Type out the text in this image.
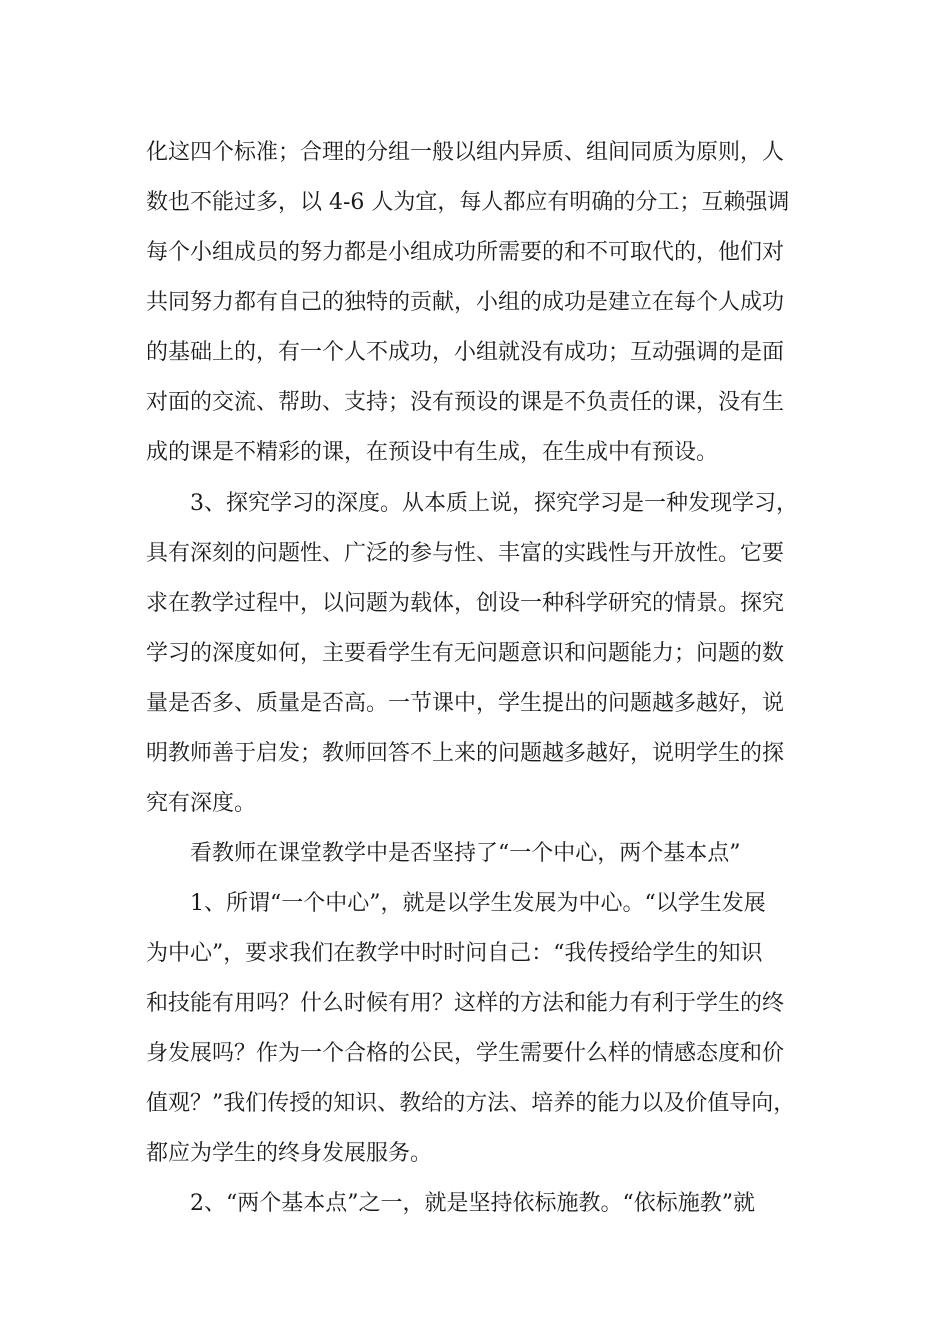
化这四个标准；合理的分组一般以组内异质、组间同质为原则，人
数也不能过多，以 4-6 人为宜，每人都应有明确的分工；互赖强调
每个小组成员的努力都是小组成功所需要的和不可取代的，他们对
共同努力都有自己的独特的贡献，小组的成功是建立在每个人成功
的基础上的，有一个人不成功，小组就没有成功；互动强调的是面
对面的交流、帮助、支持；没有预设的课是不负责任的课，没有生
成的课是不精彩的课，在预设中有生成，在生成中有预设。
3、探究学习的深度。从本质上说，探究学习是一种发现学习，
具有深刻的问题性、广泛的参与性、丰富的实践性与开放性。它要
求在教学过程中，以问题为载体，创设一种科学研究的情景。探究
学习的深度如何，主要看学生有无问题意识和问题能力；问题的数
量是否多、质量是否高。一节课中，学生提出的问题越多越好，说
明教师善于启发；教师回答不上来的问题越多越好，说明学生的探
究有深度。
看教师在课堂教学中是否坚持了“一个中心，两个基本点”
1、所谓“一个中心”，就是以学生发展为中心。“以学生发展
为中心”，要求我们在教学中时时问自己：“我传授给学生的知识
和技能有用吗？什么时候有用？这样的方法和能力有利于学生的终
身发展吗？作为一个合格的公民，学生需要什么样的情感态度和价
值观？”我们传授的知识、教给的方法、培养的能力以及价值导向，
都应为学生的终身发展服务。
2、“两个基本点”之一，就是坚持依标施教。“依标施教”就
